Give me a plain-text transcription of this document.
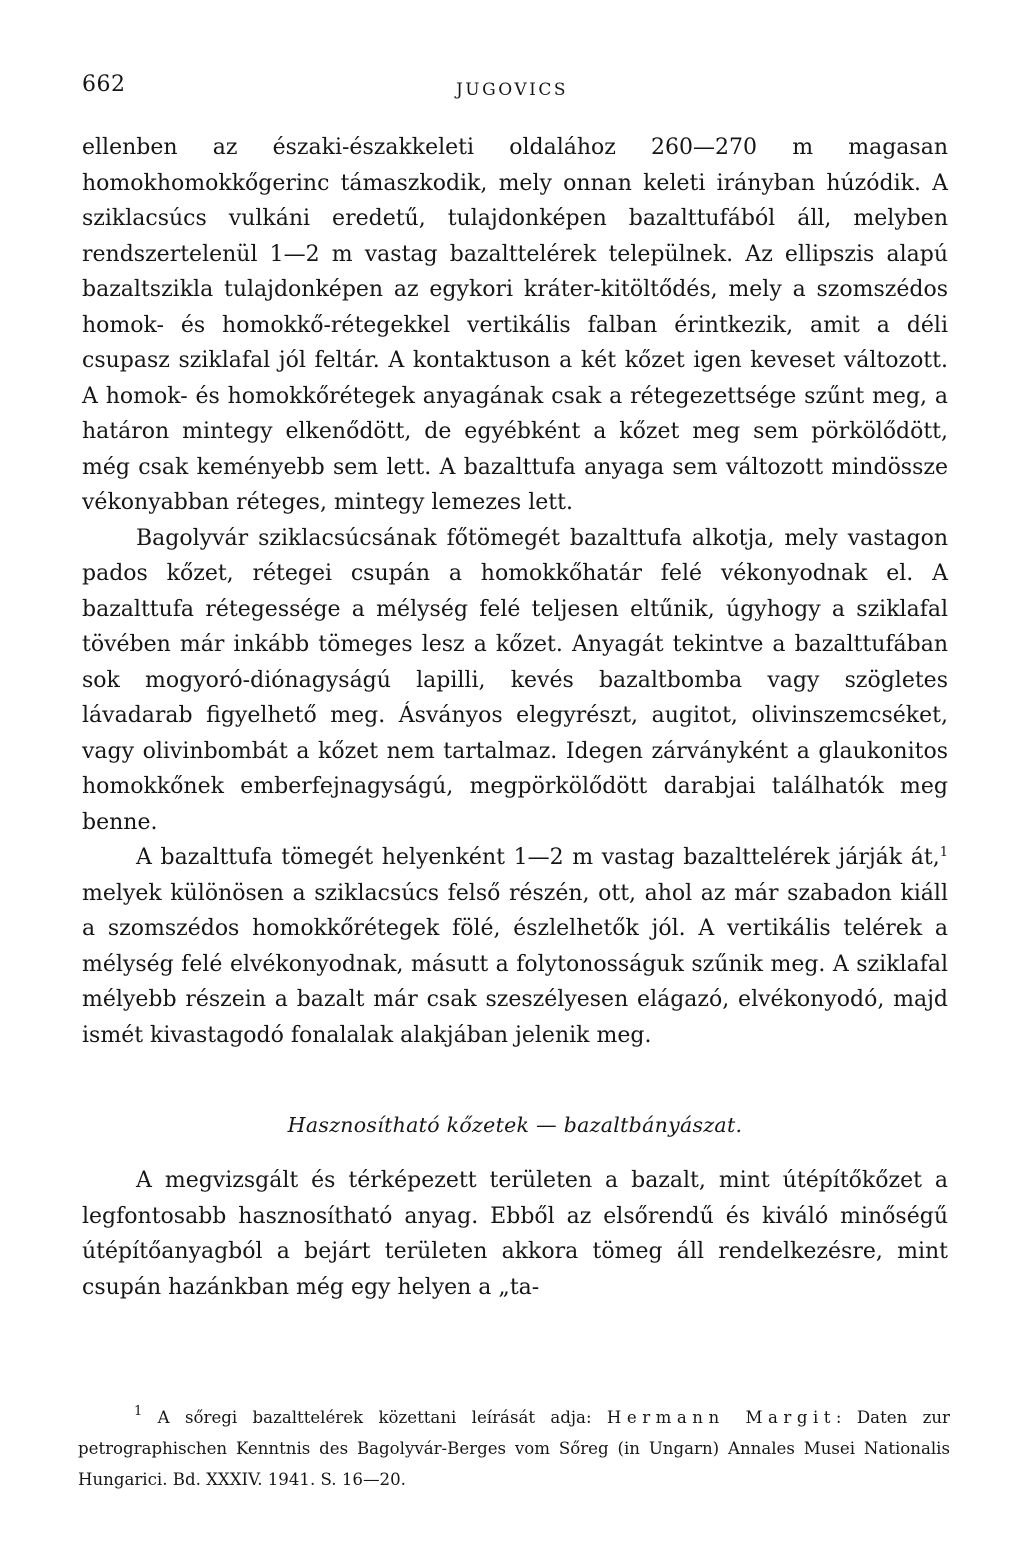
662	JUGOVICS

ellenben az északi-északkeleti oldalához 260—270 m magasan homokhomokkőgerinc támaszkodik, mely onnan keleti irányban húzódik. A sziklacsúcs vulkáni eredetű, tulajdonképen bazalttufából áll, melyben rendszertelenül 1—2 m vastag bazalttelérek települnek. Az ellipszis alapú bazaltszikla tulajdonképen az egykori kráter-kitöltődés, mely a szomszédos homok- és homokkő-rétegekkel vertikális falban érintkezik, amit a déli csupasz sziklafal jól feltár. A kontaktuson a két kőzet igen keveset változott. A homok- és homokkőrétegek anyagának csak a rétegezettsége szűnt meg, a határon mintegy elkenődött, de egyébként a kőzet meg sem pörkölődött, még csak keményebb sem lett. A bazalttufa anyaga sem változott mindössze vékonyabban réteges, mintegy lemezes lett.

Bagolyvár sziklacsúcsának főtömegét bazalttufa alkotja, mely vastagon pados kőzet, rétegei csupán a homokkőhatár felé vékonyodnak el. A bazalttufa rétegessége a mélység felé teljesen eltűnik, úgyhogy a sziklafal tövében már inkább tömeges lesz a kőzet. Anyagát tekintve a bazalttufában sok mogyoró-diónagyságú lapilli, kevés bazaltbomba vagy szögletes lávadarab figyelhető meg. Ásványos elegyrészt, augitot, olivinszemcséket, vagy olivinbombát a kőzet nem tartalmaz. Idegen zárványként a glaukonitos homokkőnek emberfejnagyságú, megpörkölődött darabjai találhatók meg benne.

A bazalttufa tömegét helyenként 1—2 m vastag bazalttelérek járják át,$^1$ melyek különösen a sziklacsúcs felső részén, ott, ahol az már szabadon kiáll a szomszédos homokkőrétegek fölé, észlelhetők jól. A vertikális telérek a mélység felé elvékonyodnak, másutt a folytonosságuk szűnik meg. A sziklafal mélyebb részein a bazalt már csak szeszélyesen elágazó, elvékonyodó, majd ismét kivastagodó fonalalak alakjában jelenik meg.

Hasznosítható kőzetek — bazaltbányászat.

A megvizsgált és térképezett területen a bazalt, mint útépítőkőzet a legfontosabb hasznosítható anyag. Ebből az elsőrendű és kiváló minőségű útépítőanyagból a bejárt területen akkora tömeg áll rendelkezésre, mint csupán hazánkban még egy helyen a „ta-

$^1$ A sőregi bazalttelérek közettani leírását adja: Hermann Margit: Daten zur petrographischen Kenntnis des Bagolyvár-Berges vom Sőreg (in Ungarn) Annales Musei Nationalis Hungarici. Bd. XXXIV. 1941. S. 16—20.
